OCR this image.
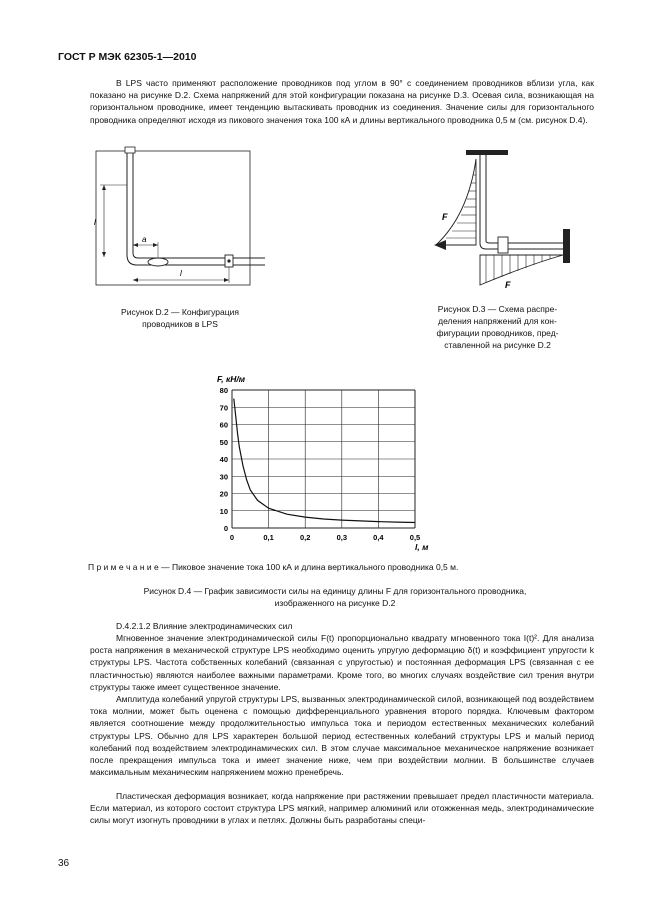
ГОСТ Р МЭК 62305-1—2010
В LPS часто применяют расположение проводников под углом в 90° с соединением проводников вблизи угла, как показано на рисунке D.2. Схема напряжений для этой конфигурации показана на рисунке D.3. Осевая сила, возникающая на горизонтальном проводнике, имеет тенденцию вытаскивать проводник из соединения. Значение силы для горизонтального проводника определяют исходя из пикового значения тока 100 кА и длины вертикального проводника 0,5 м (см. рисунок D.4).
l
a
l
Рисунок D.2 — Конфигурация
проводников в LPS
F
F
Рисунок D.3 — Схема распре-
деления напряжений для кон-
фигурации проводников, пред-
ставленной на рисунке D.2
0
10
20
30
40
50
60
70
80
0	0,1	0,2	0,3	0,4	0,5
F, кН/м
l, м
П р и м е ч а н и е — Пиковое значение тока 100 кА и длина вертикального проводника 0,5 м.
Рисунок D.4 — График зависимости силы на единицу длины F для горизонтального проводника,
изображенного на рисунке D.2
D.4.2.1.2 Влияние электродинамических сил
Мгновенное значение электродинамической силы F(t) пропорционально квадрату мгновенного тока I(t)². Для анализа роста напряжения в механической структуре LPS необходимо оценить упругую деформацию δ(t) и коэффициент упругости k структуры LPS. Частота собственных колебаний (связанная с упругостью) и постоянная деформация LPS (связанная с ее пластичностью) являются наиболее важными параметрами. Кроме того, во многих случаях воздействие сил трения внутри структуры также имеет существенное значение.
Амплитуда колебаний упругой структуры LPS, вызванных электродинамической силой, возникающей под воздействием тока молнии, может быть оценена с помощью дифференциального уравнения второго порядка. Ключевым фактором является соотношение между продолжительностью импульса тока и периодом естественных механических колебаний структуры LPS. Обычно для LPS характерен большой период естественных колебаний структуры LPS и малый период колебаний под воздействием электродинамических сил. В этом случае максимальное механическое напряжение возникает после прекращения импульса тока и имеет значение ниже, чем при воздействии молнии. В большинстве случаев максимальным механическим напряжением можно пренебречь.
Пластическая деформация возникает, когда напряжение при растяжении превышает предел пластичности материала. Если материал, из которого состоит структура LPS мягкий, например алюминий или отожженная медь, электродинамические силы могут изогнуть проводники в углах и петлях. Должны быть разработаны специ-
36
